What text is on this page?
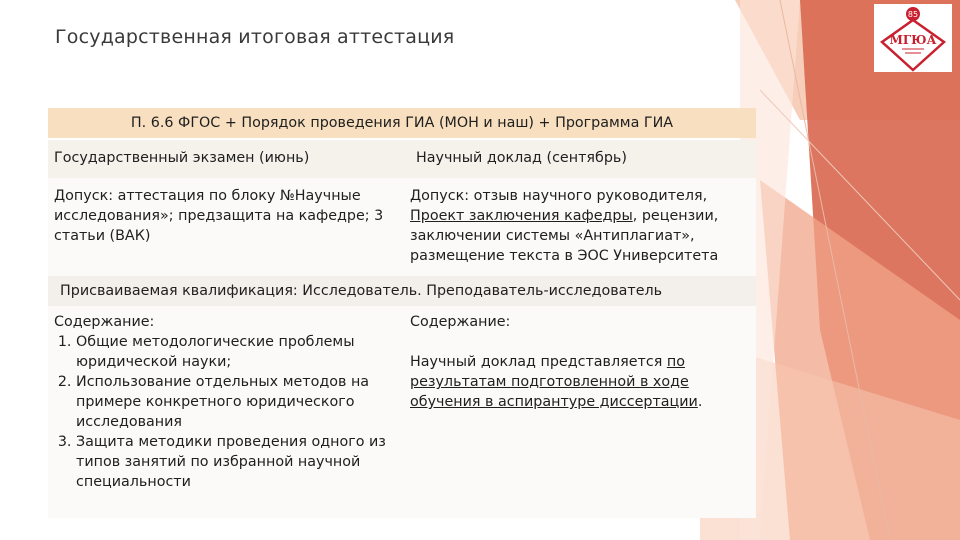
85
МГЮА
Государственная итоговая аттестация
П. 6.6 ФГОС + Порядок проведения ГИА (МОН и наш) + Программа ГИА
Государственный экзамен (июнь)	Научный доклад (сентябрь)
Допуск: аттестация по блоку №Научные исследования»; предзащита на кафедре; 3 статьи (ВАК)
Допуск: отзыв научного руководителя, Проект заключения кафедры, рецензии, заключении системы «Антиплагиат», размещение текста в ЭОС Университета
Присваиваемая квалификация: Исследователь. Преподаватель-исследователь

Содержание:

1. Общие методологические проблемы юридической науки;
2. Использование отдельных методов на примере конкретного юридического исследования
3. Защита методики проведения одного из типов занятий по избранной научной специальности

Содержание:

Научный доклад представляется по результатам подготовленной в ходе обучения в аспирантуре диссертации.
